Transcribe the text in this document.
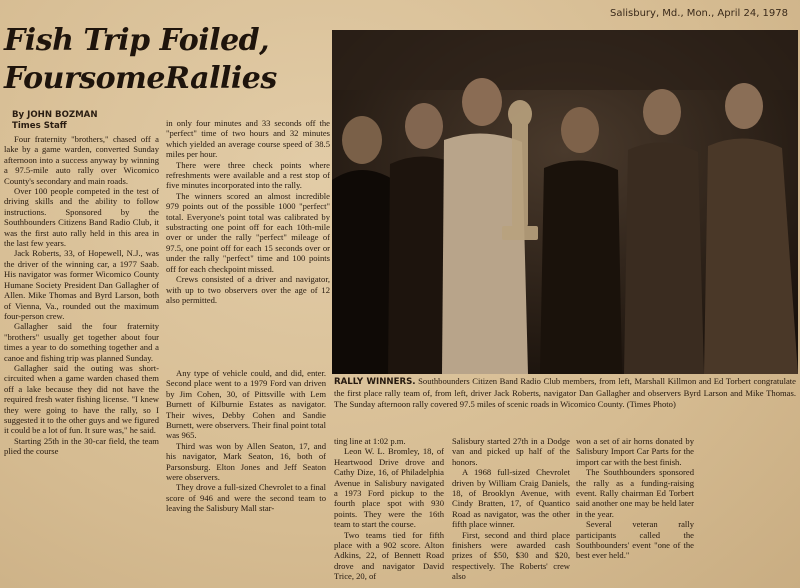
Salisbury, Md., Mon., April 24, 1978
Fish Trip Foiled,
FoursomeRallies
By JOHN BOZMAN
Times Staff

Four fraternity "brothers," chased off a lake by a game warden, converted Sunday afternoon into a success anyway by winning a 97.5-mile auto rally over Wicomico County's secondary and main roads.

Over 100 people competed in the test of driving skills and the ability to follow instructions. Sponsored by the Southbounders Citizens Band Radio Club, it was the first auto rally held in this area in the last few years.

Jack Roberts, 33, of Hopewell, N.J., was the driver of the winning car, a 1977 Saab. His navigator was former Wicomico County Humane Society President Dan Gallagher of Allen. Mike Thomas and Byrd Larson, both of Vienna, Va., rounded out the maximum four-person crew.

Gallagher said the four fraternity "brothers" usually get together about four times a year to do something together and a canoe and fishing trip was planned Sunday.

Gallagher said the outing was short-circuited when a game warden chased them off a lake because they did not have the required fresh water fishing license. "I knew they were going to have the rally, so I suggested it to the other guys and we figured it could be a lot of fun. It sure was," he said.

Starting 25th in the 30-car field, the team plied the course

in only four minutes and 33 seconds off the "perfect" time of two hours and 32 minutes which yielded an average course speed of 38.5 miles per hour.

There were three check points where refreshments were available and a rest stop of five minutes incorporated into the rally.

The winners scored an almost incredible 979 points out of the possible 1000 "perfect" total. Everyone's point total was calibrated by substracting one point off for each 10th-mile over or under the rally "perfect" mileage of 97.5, one point off for each 15 seconds over or under the rally "perfect" time and 100 points off for each checkpoint missed.

Crews consisted of a driver and navigator, with up to two observers over the age of 12 also permitted.

Any type of vehicle could, and did, enter. Second place went to a 1979 Ford van driven by Jim Cohen, 30, of Pittsville with Lem Burnett of Kilburnie Estates as navigator. Their wives, Debby Cohen and Sandie Burnett, were observers. Their final point total was 965.

Third was won by Allen Seaton, 17, and his navigator, Mark Seaton, 16, both of Parsonsburg. Elton Jones and Jeff Seaton were observers.

They drove a full-sized Chevrolet to a final score of 946 and were the second team to leaving the Salisbury Mall star-

RALLY WINNERS. Southbounders Citizen Band Radio Club members, from left, Marshall Killmon and Ed Torbert congratulate the first place rally team of, from left, driver Jack Roberts, navigator Dan Gallagher and observers Byrd Larson and Mike Thomas. The Sunday afternoon rally covered 97.5 miles of scenic roads in Wicomico County. (Times Photo)

ting line at 1:02 p.m.

Leon W. L. Bromley, 18, of Heartwood Drive drove and Cathy Dize, 16, of Philadelphia Avenue in Salisbury navigated a 1973 Ford pickup to the fourth place spot with 930 points. They were the 16th team to start the course.

Two teams tied for fifth place with a 902 score. Alton Adkins, 22, of Bennett Road drove and navigator David Trice, 20, of

Salisbury started 27th in a Dodge van and picked up half of the honors.

A 1968 full-sized Chevrolet driven by William Craig Daniels, 18, of Brooklyn Avenue, with Cindy Bratten, 17, of Quantico Road as navigator, was the other fifth place winner.

First, second and third place finishers were awarded cash prizes of $50, $30 and $20, respectively. The Roberts' crew also

won a set of air horns donated by Salisbury Import Car Parts for the import car with the best finish.

The Southbounders sponsored the rally as a funding-raising event. Rally chairman Ed Torbert said another one may be held later in the year.

Several veteran rally participants called the Southbounders' event "one of the best ever held."
